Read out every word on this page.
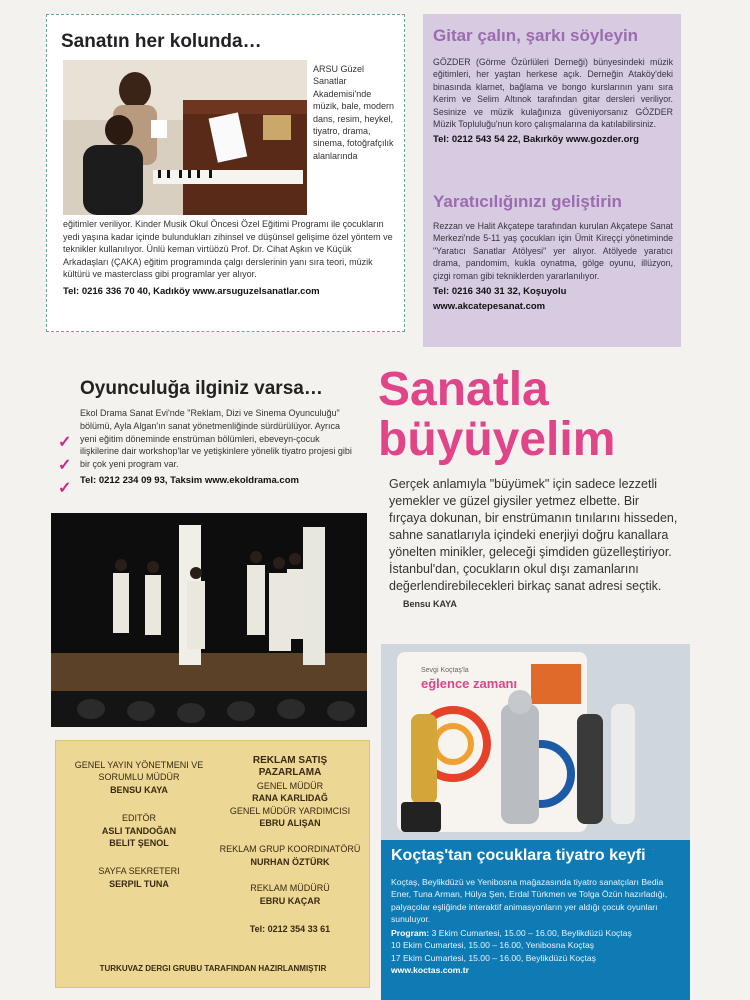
Sanatın her kolunda…
ARSU Güzel Sanatlar Akademisi'nde müzik, bale, modern dans, resim, heykel, tiyatro, drama, sinema, fotoğrafçılık alanlarında
eğitimler veriliyor. Kinder Musik Okul Öncesi Özel Eğitimi Programı ile çocukların yedi yaşına kadar içinde bulundukları zihinsel ve düşünsel gelişime özel yöntem ve teknikler kullanılıyor. Ünlü keman virtüözü Prof. Dr. Cihat Aşkın ve Küçük Arkadaşları (ÇAKA) eğitim programında çalgı derslerinin yanı sıra teori, müzik kültürü ve masterclass gibi programlar yer alıyor.
Tel: 0216 336 70 40, Kadıköy www.arsuguzelsanatlar.com
Gitar çalın, şarkı söyleyin
GÖZDER (Görme Özürlüleri Derneği) bünyesindeki müzik eğitimleri, her yaştan herkese açık. Derneğin Ataköy'deki binasında klarnet, bağlama ve bongo kurslarının yanı sıra Kerim ve Selim Altınok tarafından gitar dersleri veriliyor. Sesinize ve müzik kulağınıza güveniyorsanız GÖZDER Müzik Topluluğu'nun koro çalışmalarına da katılabilirsiniz.
Tel: 0212 543 54 22, Bakırköy www.gozder.org
Yaratıcılığınızı geliştirin
Rezzan ve Halit Akçatepe tarafından kurulan Akçatepe Sanat Merkezi'nde 5-11 yaş çocukları için Ümit Kireççi yönetiminde "Yaratıcı Sanatlar Atölyesi" yer alıyor. Atölyede yaratıcı drama, pandomim, kukla oynatma, gölge oyunu, illüzyon, çizgi roman gibi tekniklerden yararlanılıyor.
Tel: 0216 340 31 32, Koşuyolu
www.akcatepesanat.com
Oyunculuğa ilginiz varsa…
✓
✓
✓
Ekol Drama Sanat Evi'nde "Reklam, Dizi ve Sinema Oyunculuğu" bölümü, Ayla Algan'ın sanat yönetmenliğinde sürdürülüyor. Ayrıca yeni eğitim döneminde enstrüman bölümleri, ebeveyn-çocuk ilişkilerine dair workshop'lar ve yetişkinlere yönelik tiyatro projesi gibi bir çok yeni program var.
Tel: 0212 234 09 93, Taksim www.ekoldrama.com
Sanatla
büyüyelim
Gerçek anlamıyla "büyümek" için sadece lezzetli yemekler ve güzel giysiler yetmez elbette. Bir fırçaya dokunan, bir enstrümanın tınılarını hisseden, sahne sanatlarıyla içindeki enerjiyi doğru kanallara yönelten minikler, geleceği şimdiden güzelleştiriyor. İstanbul'dan, çocukların okul dışı zamanlarını değerlendirebilecekleri birkaç sanat adresi seçtik. Bensu KAYA
GENEL YAYIN YÖNETMENI VE SORUMLU MÜDÜR
BENSU KAYA
EDITÖR
ASLI TANDOĞAN
BELIT ŞENOL
SAYFA SEKRETERI
SERPIL TUNA
REKLAM SATIŞ
PAZARLAMA
GENEL MÜDÜR
RANA KARLIDAĞ
GENEL MÜDÜR YARDIMCISI
EBRU ALIŞAN
REKLAM GRUP KOORDINATÖRÜ
NURHAN ÖZTÜRK
REKLAM MÜDÜRÜ
EBRU KAÇAR
Tel: 0212 354 33 61
TURKUVAZ DERGI GRUBU TARAFINDAN HAZIRLANMIŞTIR
Sevgi Koçtaş'la
eğlence zamanı
Koçtaş'tan çocuklara tiyatro keyfi
Koçtaş, Beylikdüzü ve Yenibosna mağazasında tiyatro sanatçıları Bedia Ener, Tuna Arman, Hülya Şen, Erdal Türkmen ve Tolga Özün hazırladığı, palyaçolar eşliğinde interaktif animasyonların yer aldığı çocuk oyunları sunuluyor.
Program: 3 Ekim Cumartesi, 15.00 – 16.00, Beylikdüzü Koçtaş
10 Ekim Cumartesi, 15.00 – 16.00, Yenibosna Koçtaş
17 Ekim Cumartesi, 15.00 – 16.00, Beylikdüzü Koçtaş
www.koctas.com.tr
